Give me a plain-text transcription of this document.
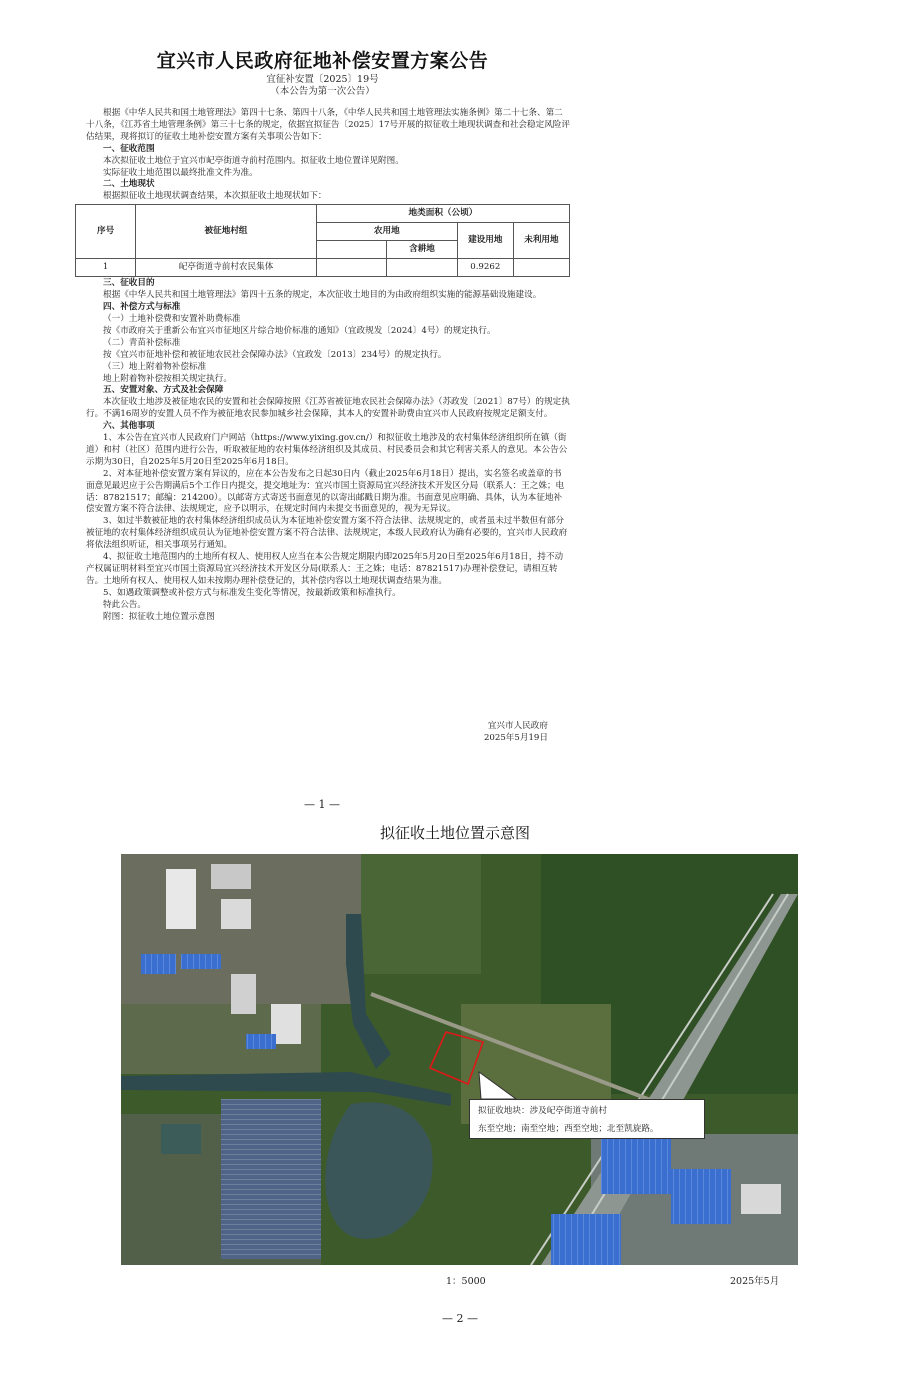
宜兴市人民政府征地补偿安置方案公告
宜征补安置〔2025〕19号
（本公告为第一次公告）

根据《中华人民共和国土地管理法》第四十七条、第四十八条，《中华人民共和国土地管理法实施条例》第二十七条、第二十八条，《江苏省土地管理条例》第三十七条的规定，依据宜拟征告〔2025〕17号开展的拟征收土地现状调查和社会稳定风险评估结果，现将拟订的征收土地补偿安置方案有关事项公告如下：

一、征收范围

本次拟征收土地位于宜兴市屺亭街道寺前村范围内。拟征收土地位置详见附图。

实际征收土地范围以最终批准文件为准。

二、土地现状

根据拟征收土地现状调查结果，本次拟征收土地现状如下：

序号	被征地村组	地类面积（公顷）			
		农用地		建设用地	未利用地
			含耕地		
1	屺亭街道寺前村农民集体			0.9262	

三、征收目的

根据《中华人民共和国土地管理法》第四十五条的规定，本次征收土地目的为由政府组织实施的能源基础设施建设。

四、补偿方式与标准

（一）土地补偿费和安置补助费标准

按《市政府关于重新公布宜兴市征地区片综合地价标准的通知》（宜政规发〔2024〕4号）的规定执行。

（二）青苗补偿标准

按《宜兴市征地补偿和被征地农民社会保障办法》（宜政发〔2013〕234号）的规定执行。

（三）地上附着物补偿标准

地上附着物补偿按相关规定执行。

五、安置对象、方式及社会保障

本次征收土地涉及被征地农民的安置和社会保障按照《江苏省被征地农民社会保障办法》（苏政发〔2021〕87号）的规定执行。不满16周岁的安置人员不作为被征地农民参加城乡社会保障，其本人的安置补助费由宜兴市人民政府按规定足额支付。

六、其他事项

1、本公告在宜兴市人民政府门户网站（https://www.yixing.gov.cn/）和拟征收土地涉及的农村集体经济组织所在镇（街道）和村（社区）范围内进行公告，听取被征地的农村集体经济组织及其成员、村民委员会和其它利害关系人的意见。本公告公示期为30日，自2025年5月20日至2025年6月18日。

2、对本征地补偿安置方案有异议的，应在本公告发布之日起30日内（截止2025年6月18日）提出，实名签名或盖章的书面意见最迟应于公告期满后5个工作日内提交，提交地址为：宜兴市国土资源局宜兴经济技术开发区分局（联系人：王之姝；电话：87821517；邮编：214200）。以邮寄方式寄送书面意见的以寄出邮戳日期为准。书面意见应明确、具体，认为本征地补偿安置方案不符合法律、法规规定，应予以明示，在规定时间内未提交书面意见的，视为无异议。

3、如过半数被征地的农村集体经济组织成员认为本征地补偿安置方案不符合法律、法规规定的，或者虽未过半数但有部分被征地的农村集体经济组织成员认为征地补偿安置方案不符合法律、法规规定，本级人民政府认为确有必要的，宜兴市人民政府将依法组织听证，相关事项另行通知。

4、拟征收土地范围内的土地所有权人、使用权人应当在本公告规定期限内即2025年5月20日至2025年6月18日，持不动产权属证明材料至宜兴市国土资源局宜兴经济技术开发区分局(联系人：王之姝；电话：87821517)办理补偿登记，请相互转告。土地所有权人、使用权人如未按期办理补偿登记的，其补偿内容以土地现状调查结果为准。

5、如遇政策调整或补偿方式与标准发生变化等情况，按最新政策和标准执行。

特此公告。

附图：拟征收土地位置示意图

宜兴市人民政府
2025年5月19日
— 1 —
拟征收土地位置示意图
拟征收地块：涉及屺亭街道寺前村
东至空地；南至空地；西至空地；北至凯旋路。
1：5000	2025年5月
— 2 —
